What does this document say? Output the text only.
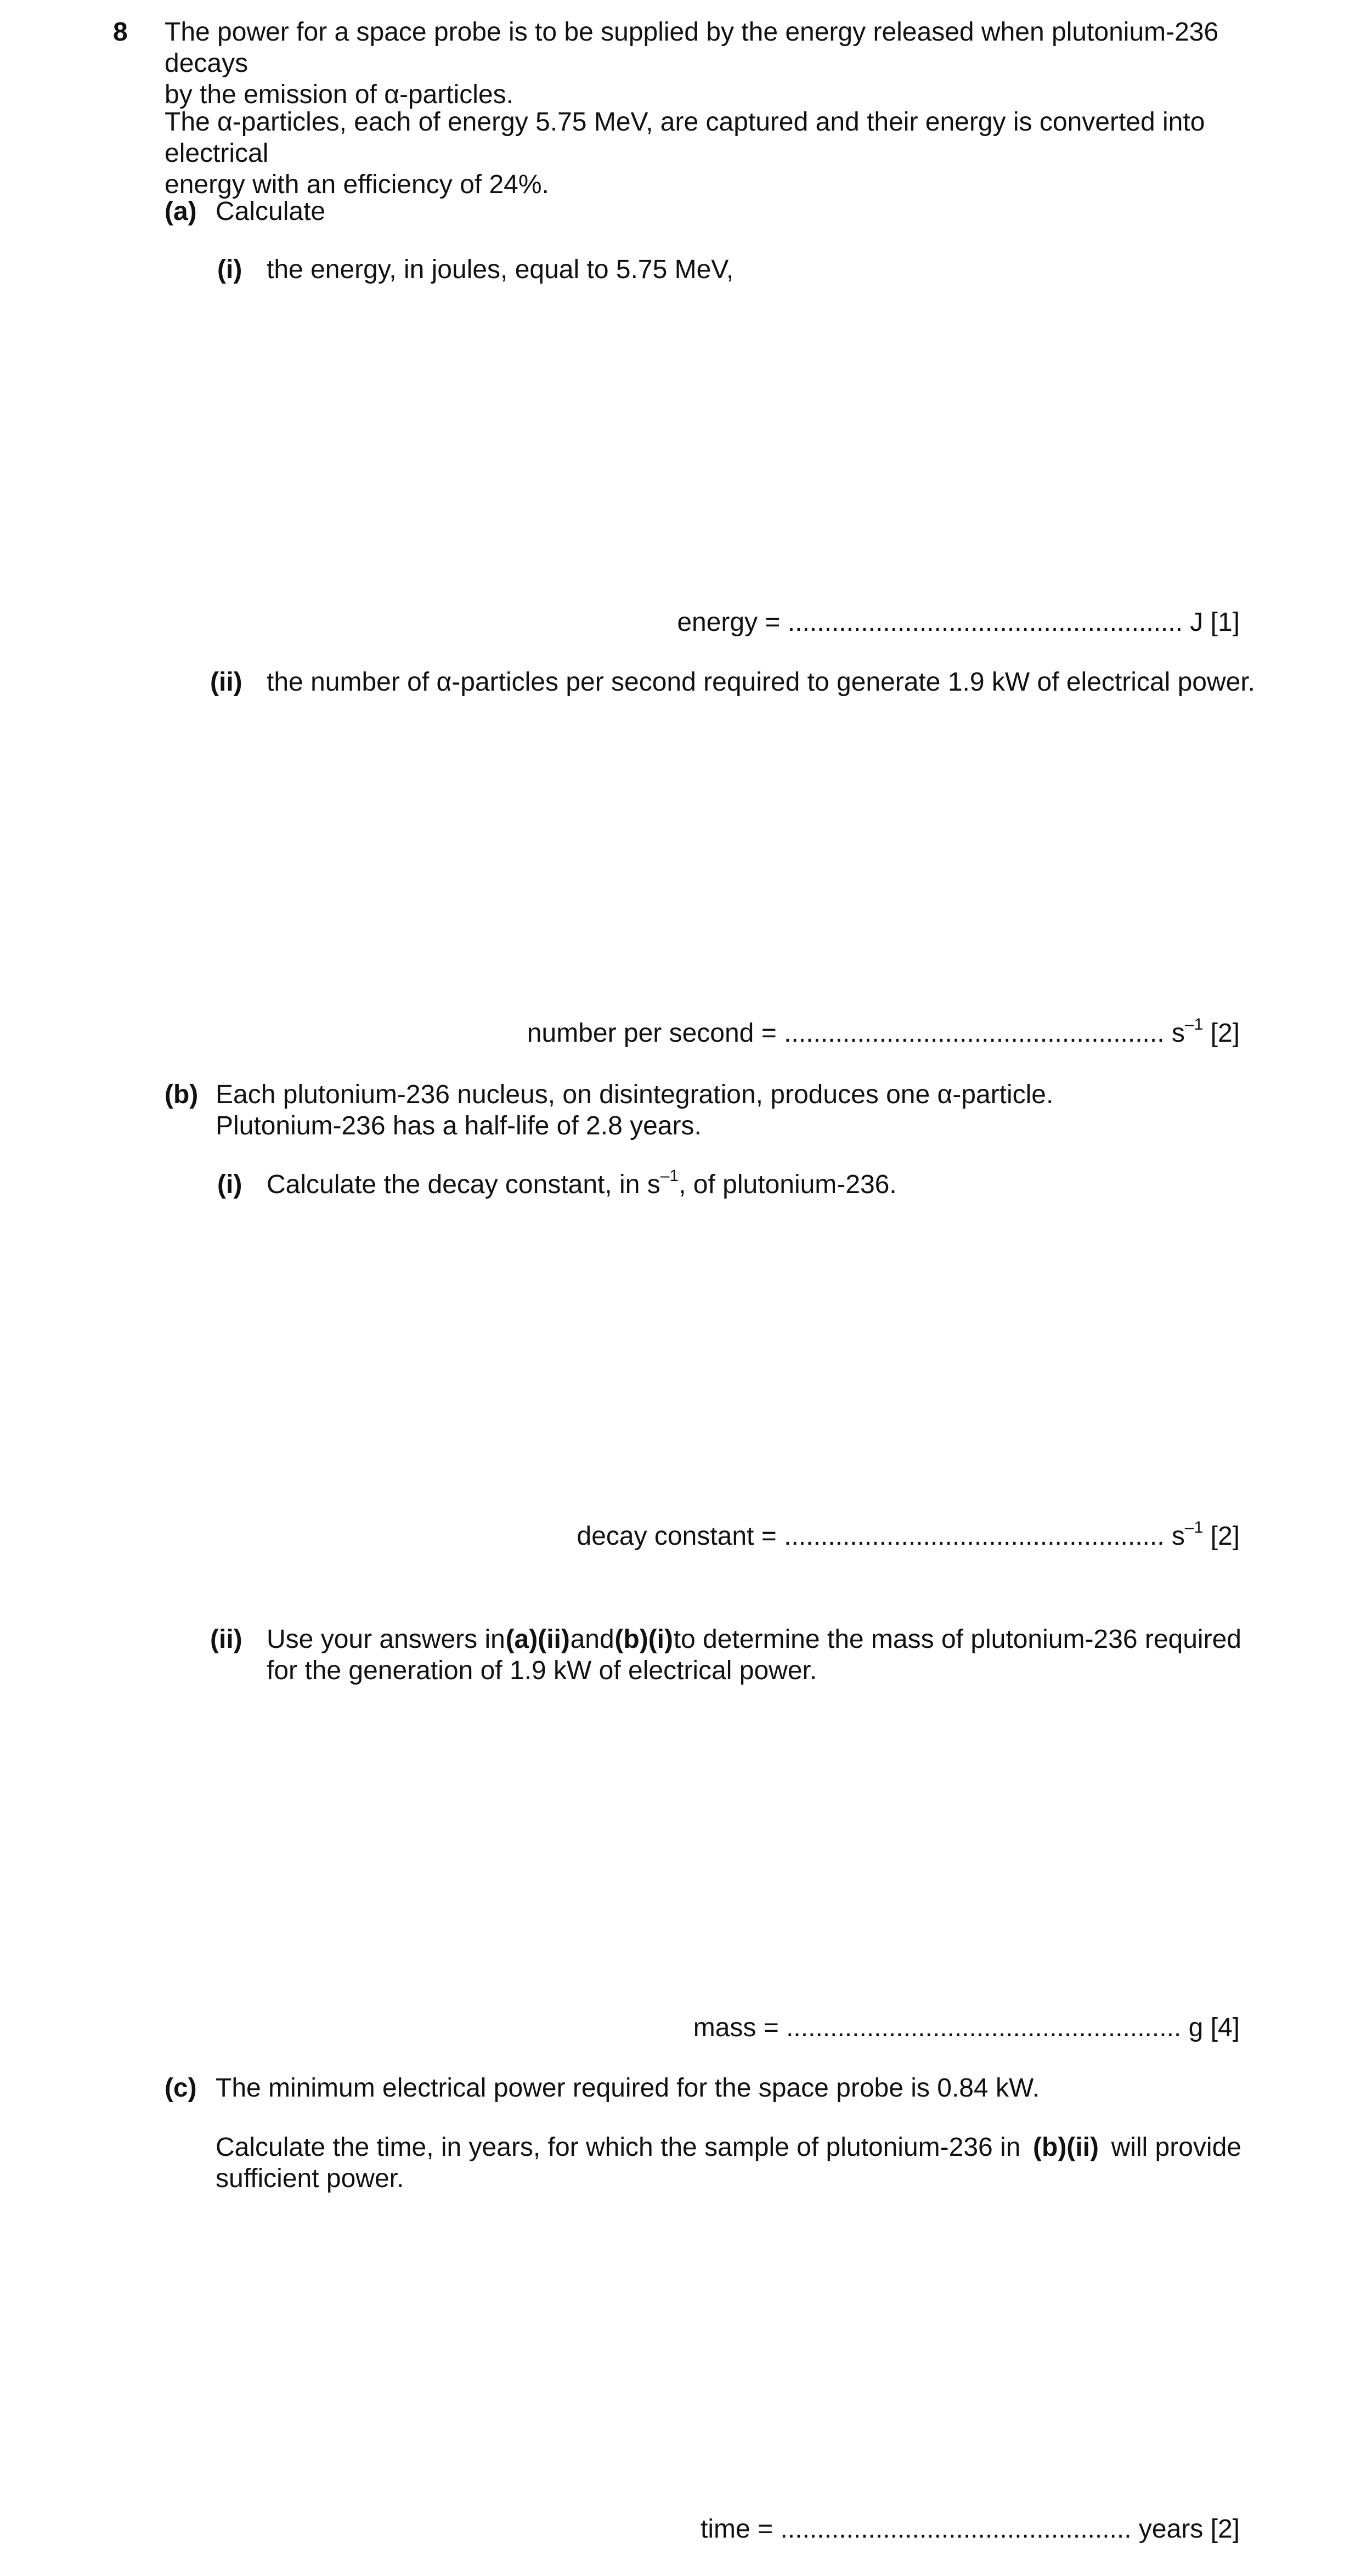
8 The power for a space probe is to be supplied by the energy released when plutonium-236 decays

by the emission of α-particles.

The α-particles, each of energy 5.75 MeV, are captured and their energy is converted into electrical

energy with an efficiency of 24%.

(a) Calculate
(i) the energy, in joules, equal to 5.75 MeV,
energy = ...................................................... J [1]
(ii) the number of α-particles per second required to generate 1.9 kW of electrical power.
number per second = .................................................... $s^{-1}$ [2]
(b) Each plutonium-236 nucleus, on disintegration, produces one α-particle.

Plutonium-236 has a half-life of 2.8 years.

(i) Calculate the decay constant, in $s^{-1}$, of plutonium-236.
decay constant = .................................................... $s^{-1}$ [2]
(ii) Use your answers in (a)(ii) and (b)(i) to determine the mass of plutonium-236 required

for the generation of 1.9 kW of electrical power.

mass = ...................................................... g [4]
(c) The minimum electrical power required for the space probe is 0.84 kW.

Calculate the time, in years, for which the sample of plutonium-236 in (b)(ii) will provide

sufficient power.

time = ................................................ years [2]
